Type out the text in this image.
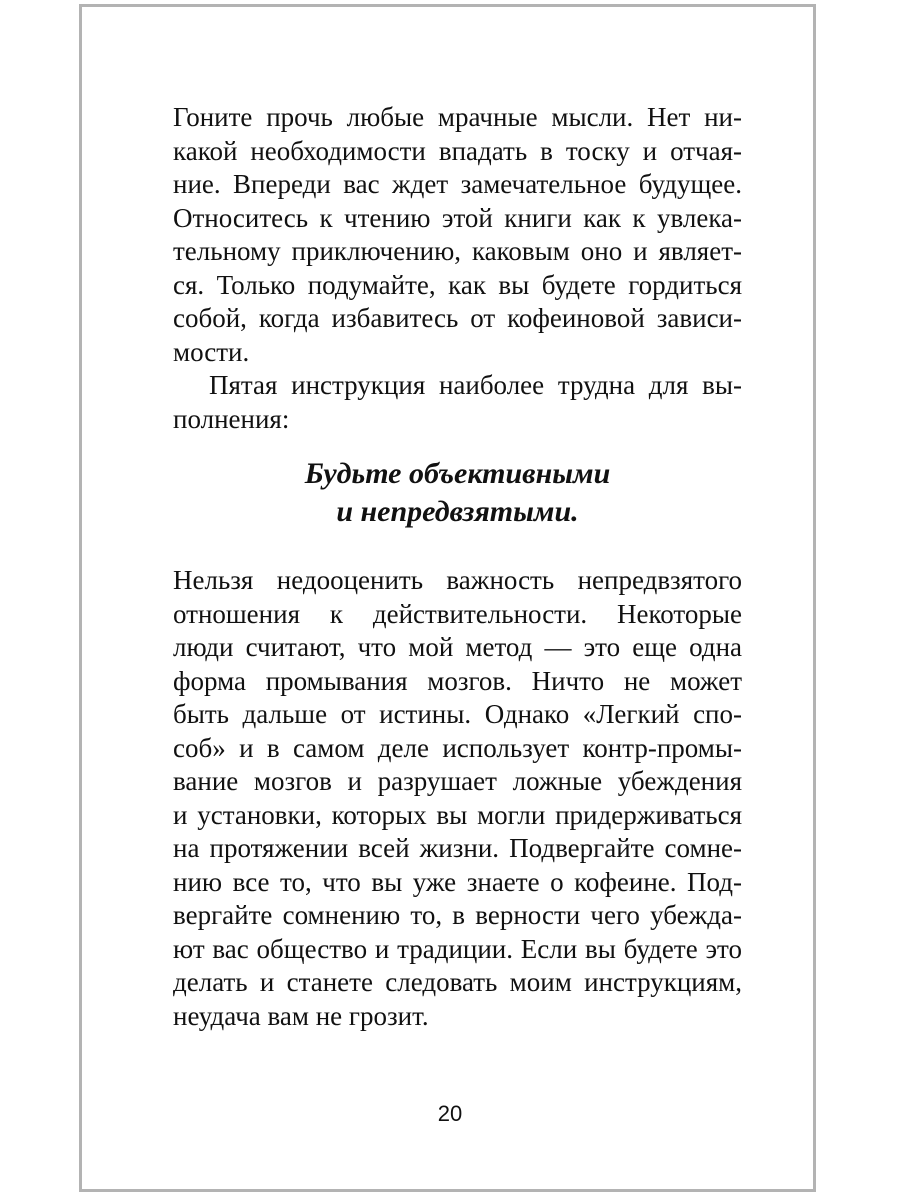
Гоните прочь любые мрачные мысли. Нет ни-
какой необходимости впадать в тоску и отчая-
ние. Впереди вас ждет замечательное будущее.
Относитесь к чтению этой книги как к увлека-
тельному приключению, каковым оно и являет-
ся. Только подумайте, как вы будете гордиться
собой, когда избавитесь от кофеиновой зависи-
мости.
Пятая инструкция наиболее трудна для вы-
полнения:
Будьте объективными
и непредвзятыми.
Нельзя недооценить важность непредвзятого
отношения к действительности. Некоторые
люди считают, что мой метод — это еще одна
форма промывания мозгов. Ничто не может
быть дальше от истины. Однако «Легкий спо-
соб» и в самом деле использует контр-промы-
вание мозгов и разрушает ложные убеждения
и установки, которых вы могли придерживаться
на протяжении всей жизни. Подвергайте сомне-
нию все то, что вы уже знаете о кофеине. Под-
вергайте сомнению то, в верности чего убежда-
ют вас общество и традиции. Если вы будете это
делать и станете следовать моим инструкциям,
неудача вам не грозит.
20
